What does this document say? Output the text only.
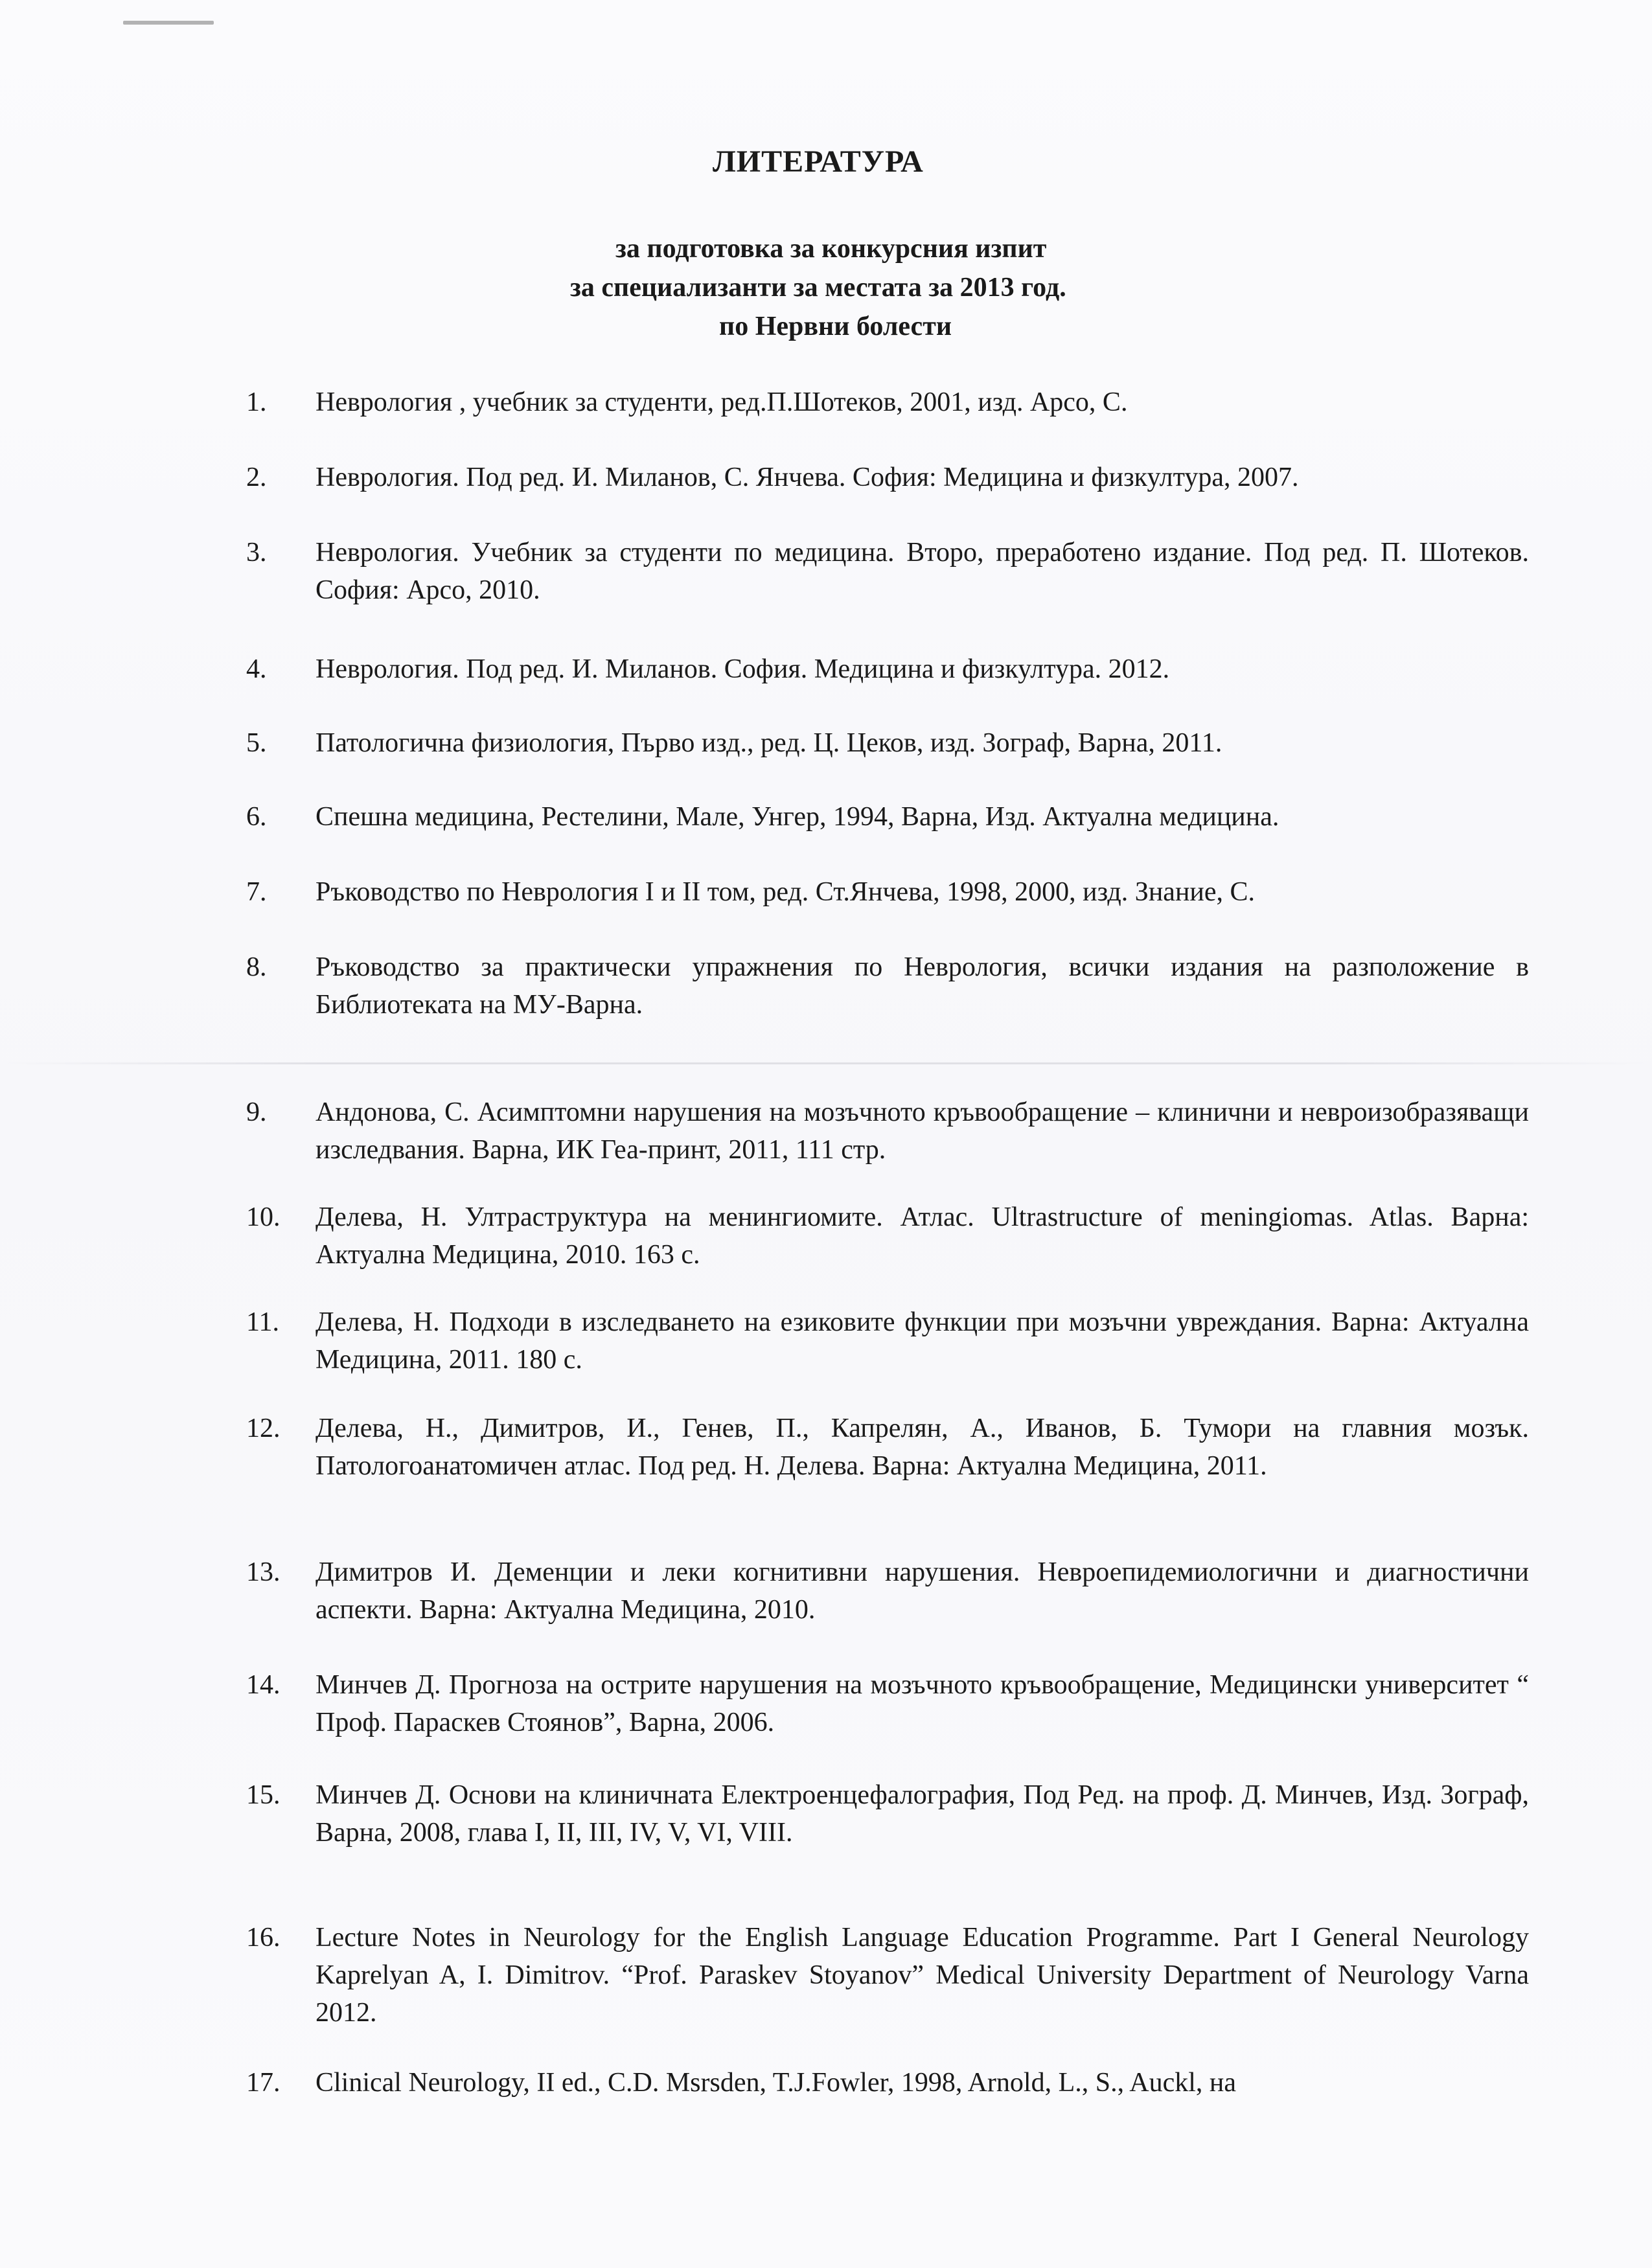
ЛИТЕРАТУРА
за подготовка за конкурсния изпит
за специализанти за местата за 2013 год.
по Нервни болести
1.	Неврология , учебник за студенти, ред.П.Шотеков, 2001, изд. Арсо, С.
2.	Неврология. Под ред. И. Миланов, С. Янчева. София: Медицина и физкултура, 2007.
3.	Неврология. Учебник за студенти по медицина. Второ, преработено издание. Под ред. П. Шотеков. София: Арсо, 2010.
4.	Неврология. Под ред. И. Миланов. София. Медицина и физкултура. 2012.
5.	Патологична физиология, Първо изд., ред. Ц. Цеков, изд. Зограф, Варна, 2011.
6.	Спешна медицина, Рестелини, Мале, Унгер, 1994, Варна, Изд. Актуална медицина.
7.	Ръководство по Неврология I и II том, ред. Ст.Янчева, 1998, 2000, изд. Знание, С.
8.	Ръководство за практически упражнения по Неврология, всички издания на разположение в Библиотеката на МУ-Варна.
9.	Андонова, С. Асимптомни нарушения на мозъчното кръвообращение – клинични и невроизобразяващи изследвания. Варна, ИК Геа-принт, 2011, 111 стр.
10.	Делева, Н. Ултраструктура на менингиомите. Атлас. Ultrastructure of meningiomas. Atlas. Варна: Актуална Медицина, 2010. 163 с.
11.	Делева, Н. Подходи в изследването на езиковите функции при мозъчни увреждания. Варна: Актуална Медицина, 2011. 180 с.
12.	Делева, Н., Димитров, И., Генев, П., Капрелян, А., Иванов, Б. Тумори на главния мозък. Патологоанатомичен атлас. Под ред. Н. Делева. Варна: Актуална Медицина, 2011.
13.	Димитров И. Деменции и леки когнитивни нарушения. Невроепидемиологични и диагностични аспекти. Варна: Актуална Медицина, 2010.
14.	Минчев Д. Прогноза на острите нарушения на мозъчното кръвообращение, Медицински университет “ Проф. Параскев Стоянов”, Варна, 2006.
15.	Минчев Д. Основи на клиничната Електроенцефалография, Под Ред. на проф. Д. Минчев, Изд. Зограф, Варна, 2008, глава I, II, III, IV, V, VI, VIII.
16.	Lecture Notes in Neurology for the English Language Education Programme. Part I General Neurology Kaprelyan A, I. Dimitrov. “Prof. Paraskev Stoyanov” Medical University Department of Neurology Varna 2012.
17.	Clinical Neurology, II ed., C.D. Msrsden, T.J.Fowler, 1998, Arnold, L., S., Auckl, на
